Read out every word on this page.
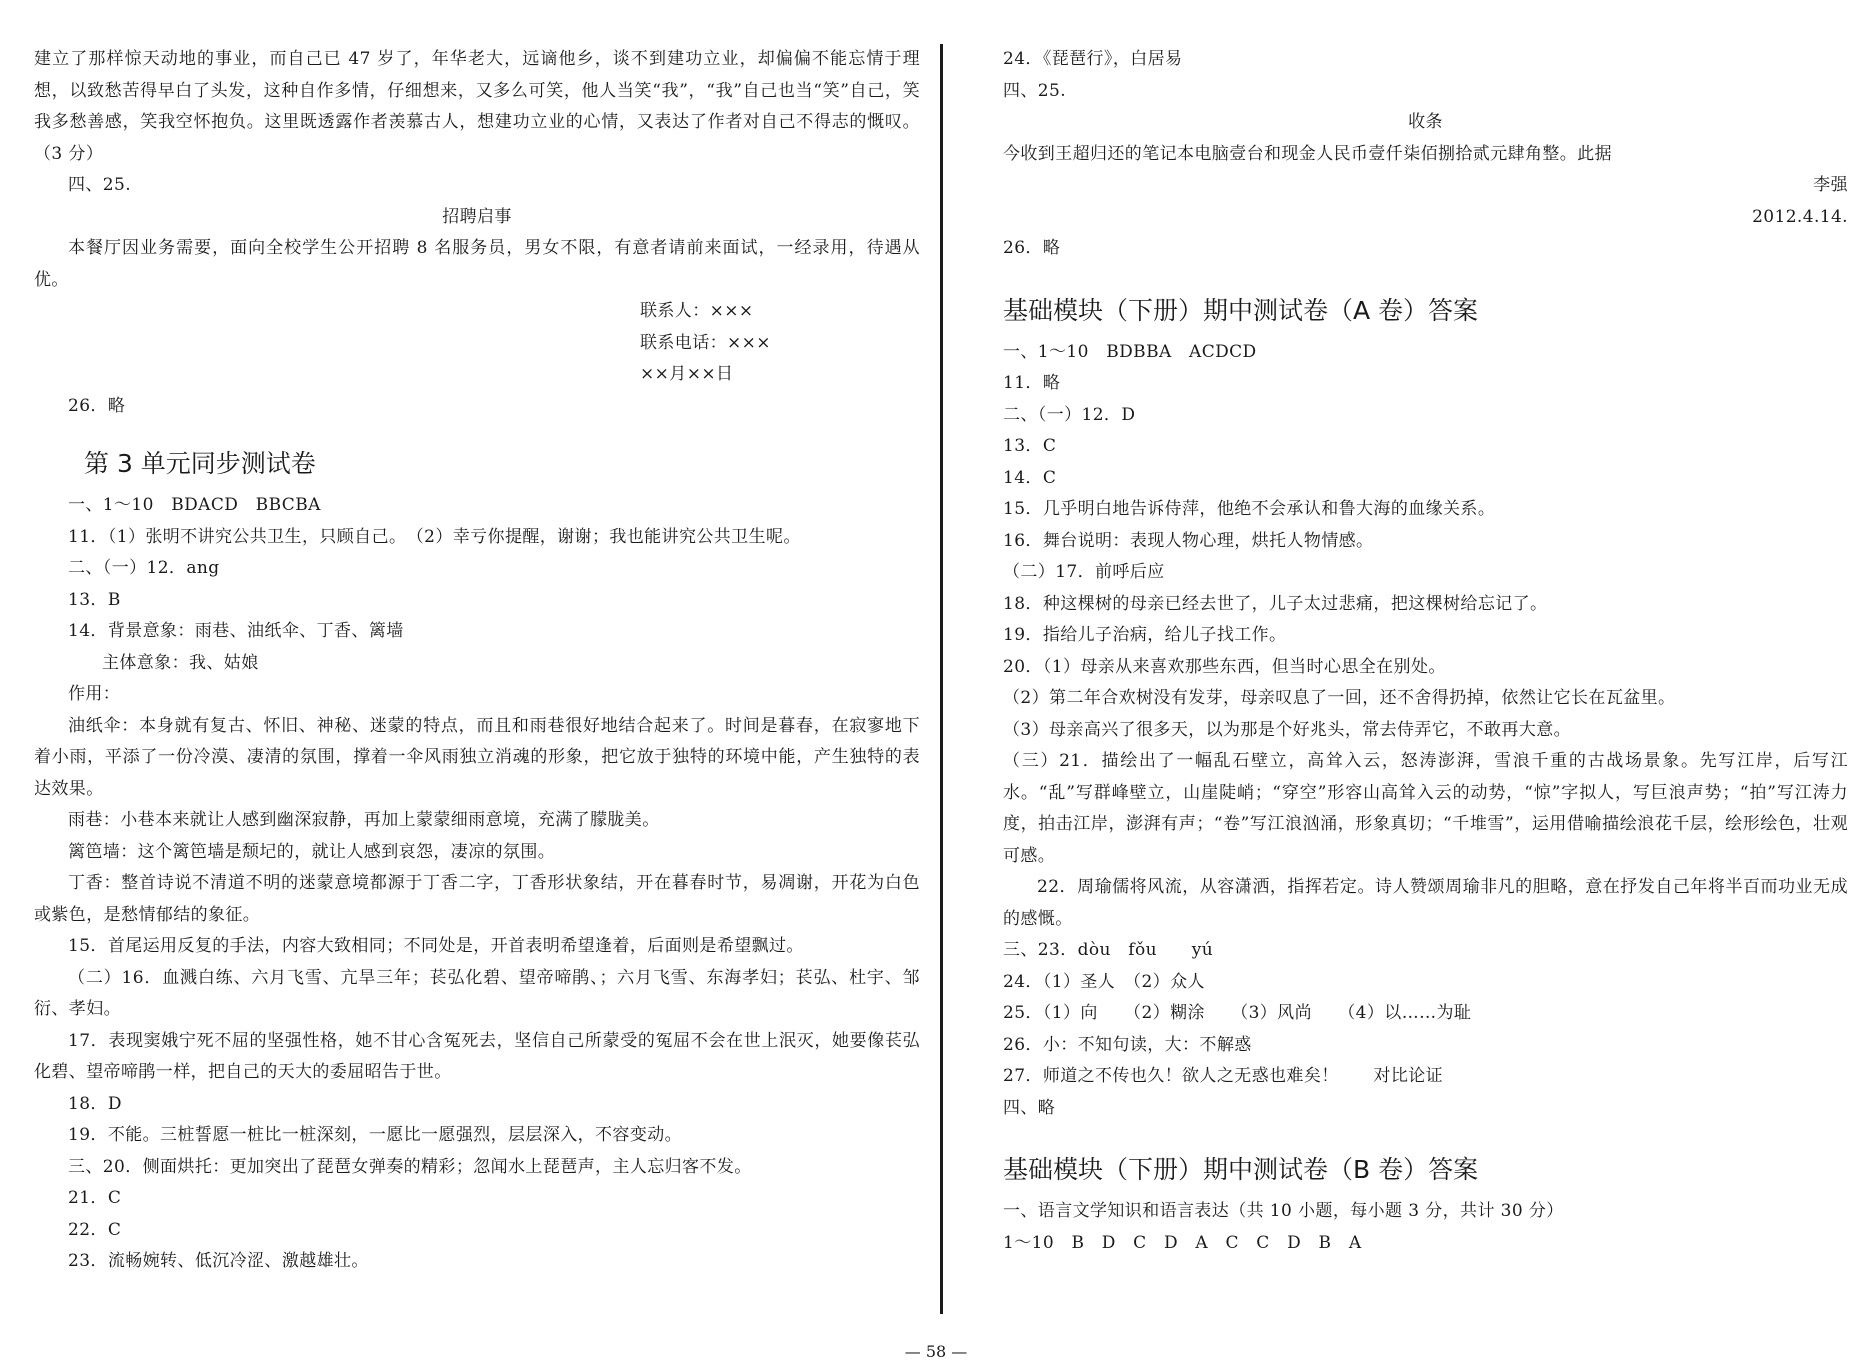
建立了那样惊天动地的事业，而自己已 47 岁了，年华老大，远谪他乡，谈不到建功立业，却偏偏不能忘情于理想，以致愁苦得早白了头发，这种自作多情，仔细想来，又多么可笑，他人当笑“我”，“我”自己也当“笑”自己，笑我多愁善感，笑我空怀抱负。这里既透露作者羡慕古人，想建功立业的心情，又表达了作者对自己不得志的慨叹。（3 分）

四、25.

招聘启事

本餐厅因业务需要，面向全校学生公开招聘 8 名服务员，男女不限，有意者请前来面试，一经录用，待遇从优。

联系人：×××

联系电话：×××

××月××日

26．略

第 3 单元同步测试卷

一、1～10　BDACD　BBCBA

11．（1）张明不讲究公共卫生，只顾自己。　（2）幸亏你提醒，谢谢；我也能讲究公共卫生呢。

二、（一）12．ang

13．B

14．背景意象：雨巷、油纸伞、丁香、篱墙

主体意象：我、姑娘

作用：

油纸伞：本身就有复古、怀旧、神秘、迷蒙的特点，而且和雨巷很好地结合起来了。时间是暮春，在寂寥地下着小雨，平添了一份冷漠、凄清的氛围，撑着一伞风雨独立消魂的形象，把它放于独特的环境中能，产生独特的表达效果。

雨巷：小巷本来就让人感到幽深寂静，再加上蒙蒙细雨意境，充满了朦胧美。

篱笆墙：这个篱笆墙是颓圮的，就让人感到哀怨，凄凉的氛围。

丁香：整首诗说不清道不明的迷蒙意境都源于丁香二字，丁香形状象结，开在暮春时节，易凋谢，开花为白色或紫色，是愁情郁结的象征。

15．首尾运用反复的手法，内容大致相同；不同处是，开首表明希望逢着，后面则是希望飘过。

（二）16．血溅白练、六月飞雪、亢旱三年；苌弘化碧、望帝啼鹃、；六月飞雪、东海孝妇；苌弘、杜宇、邹衍、孝妇。

17．表现窦娥宁死不屈的坚强性格，她不甘心含冤死去，坚信自己所蒙受的冤屈不会在世上泯灭，她要像苌弘化碧、望帝啼鹃一样，把自己的天大的委屈昭告于世。

18．D

19．不能。三桩誓愿一桩比一桩深刻，一愿比一愿强烈，层层深入，不容变动。

三、20．侧面烘托：更加突出了琵琶女弹奏的精彩；忽闻水上琵琶声，主人忘归客不发。

21．C

22．C

23．流畅婉转、低沉冷涩、激越雄壮。

24．《琵琶行》，白居易

四、25.

收条

今收到王超归还的笔记本电脑壹台和现金人民币壹仟柒佰捌拾贰元肆角整。此据

李强

2012.4.14.

26．略

基础模块（下册）期中测试卷（A 卷）答案

一、1～10　BDBBA　ACDCD

11．略

二、（一）12．D

13．C

14．C

15．几乎明白地告诉侍萍，他绝不会承认和鲁大海的血缘关系。

16．舞台说明：表现人物心理，烘托人物情感。

（二）17．前呼后应

18．种这棵树的母亲已经去世了，儿子太过悲痛，把这棵树给忘记了。

19．指给儿子治病，给儿子找工作。

20．（1）母亲从来喜欢那些东西，但当时心思全在别处。

（2）第二年合欢树没有发芽，母亲叹息了一回，还不舍得扔掉，依然让它长在瓦盆里。

（3）母亲高兴了很多天，以为那是个好兆头，常去侍弄它，不敢再大意。

（三）21．描绘出了一幅乱石壁立，高耸入云，怒涛澎湃，雪浪千重的古战场景象。先写江岸，后写江水。“乱”写群峰壁立，山崖陡峭；“穿空”形容山高耸入云的动势，“惊”字拟人，写巨浪声势；“拍”写江涛力度，拍击江岸，澎湃有声；“卷”写江浪汹涌，形象真切；“千堆雪”，运用借喻描绘浪花千层，绘形绘色，壮观可感。

22．周瑜儒将风流，从容潇洒，指挥若定。诗人赞颂周瑜非凡的胆略，意在抒发自己年将半百而功业无成的感慨。

三、23．dòu　fǒu　　yú

24．（1）圣人　（2）众人

25．（1）向　　（2）糊涂　　（3）风尚　　（4）以……为耻

26．小：不知句读，大：不解惑

27．师道之不传也久！欲人之无惑也难矣！　　对比论证

四、略

基础模块（下册）期中测试卷（B 卷）答案

一、语言文学知识和语言表达（共 10 小题，每小题 3 分，共计 30 分）

1～10　B　D　C　D　A　C　C　D　B　A

— 58 —
